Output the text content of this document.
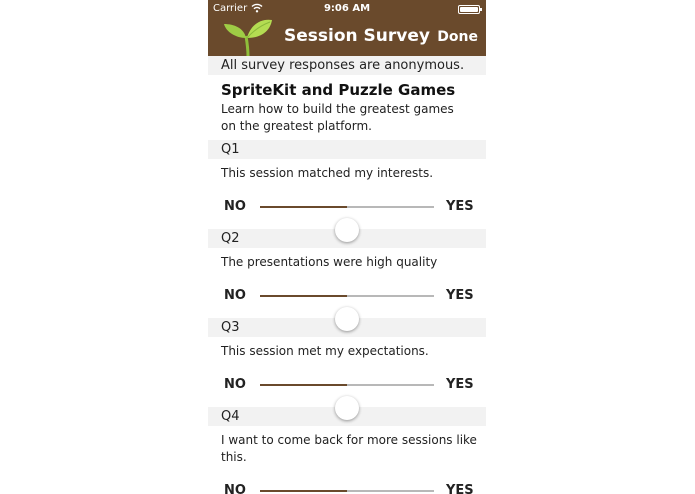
Carrier	9:06 AM
Session Survey Done
All survey responses are anonymous.
SpriteKit and Puzzle Games
Learn how to build the greatest games on the greatest platform.
Q1
This session matched my interests.
NO	YES
Q2
The presentations were high quality
NO	YES
Q3
This session met my expectations.
NO	YES
Q4
I want to come back for more sessions like this.
NO	YES
